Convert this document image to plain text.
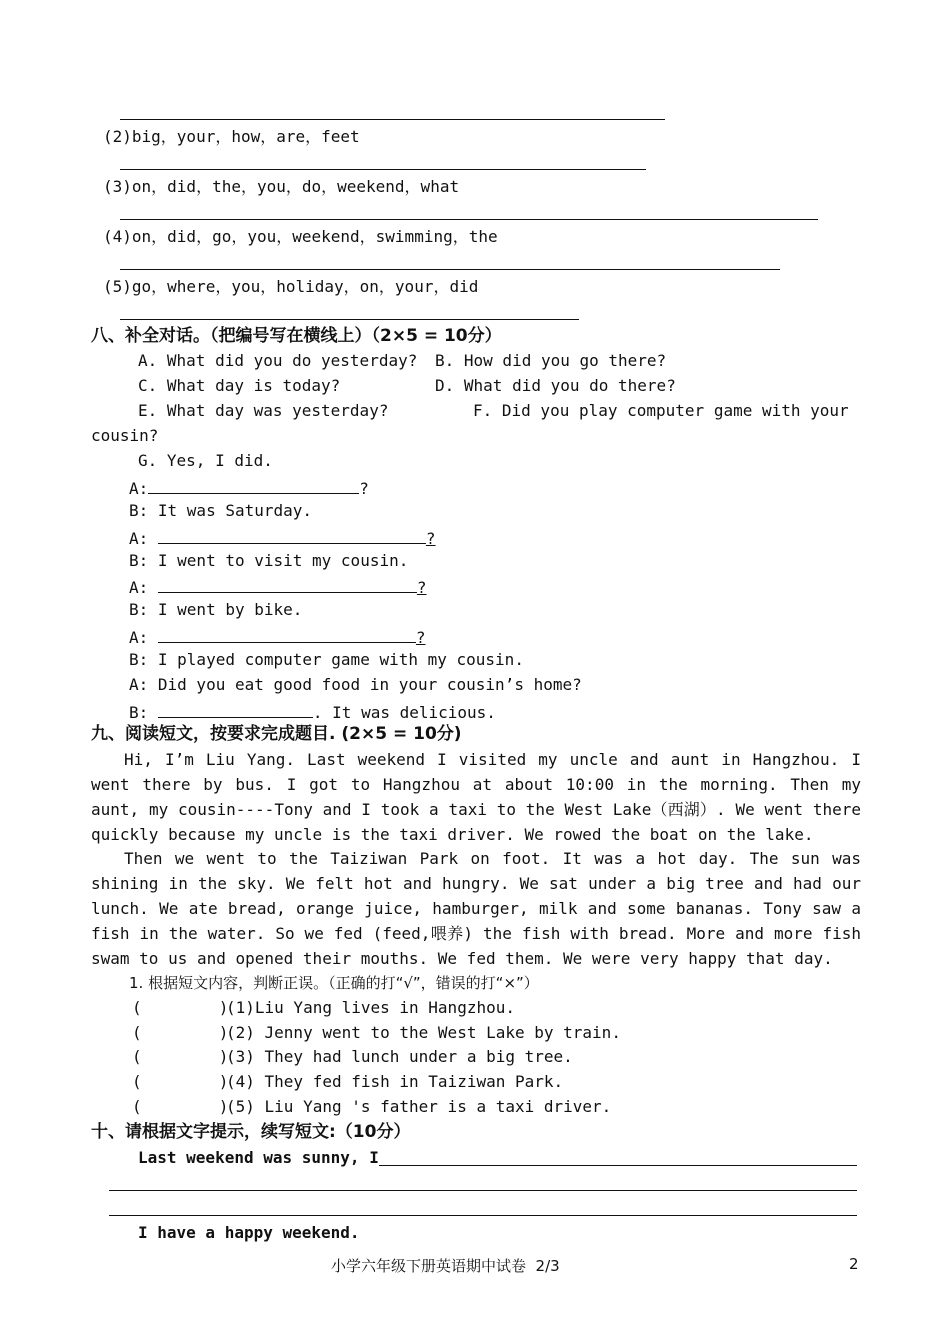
(2)big，your，how，are，feet
(3)on，did，the，you，do，weekend，what
(4)on，did，go，you，weekend，swimming，the
(5)go，where，you，holiday，on，your，did
八、补全对话。（把编号写在横线上）（2×5 = 10分）
A. What did you do yesterday? B. How did you go there?
C. What day is today?	D. What did you do there?
E. What day was yesterday?	F. Did you play computer game with your
cousin?
G. Yes, I did.
A:	?
B: It was Saturday.
A:	?
B: I went to visit my cousin.
A:	?
B: I went by bike.
A:	?
B: I played computer game with my cousin.
A: Did you eat good food in your cousin’s home?
B:	. It was delicious.
九、阅读短文，按要求完成题目. (2×5 = 10分)
Hi, I’m Liu Yang. Last weekend I visited my uncle and aunt in Hangzhou. I went there by bus. I got to Hangzhou at about 10:00 in the morning. Then my aunt, my cousin----Tony and I took a taxi to the West Lake（西湖）. We went there quickly because my uncle is the taxi driver. We rowed the boat on the lake.
Then we went to the Taiziwan Park on foot. It was a hot day. The sun was shining in the sky. We felt hot and hungry. We sat under a big tree and had our lunch. We ate bread, orange juice, hamburger, milk and some bananas. Tony saw a fish in the water. So we fed (feed,喂养) the fish with bread. More and more fish swam to us and opened their mouths. We fed them. We were very happy that day.
1. 根据短文内容，判断正误。（正确的打“√”，错误的打“×”）
(        )
(1)Liu Yang lives in Hangzhou.
(        )
(2) Jenny went to the West Lake by train.
(        )
(3) They had lunch under a big tree.
(        )
(4) They fed fish in Taiziwan Park.
(        )
(5) Liu Yang 's father is a taxi driver.
十、请根据文字提示，续写短文:（10分）
Last weekend was sunny, I
I have a happy weekend.
小学六年级下册英语期中试卷  2/3	2
